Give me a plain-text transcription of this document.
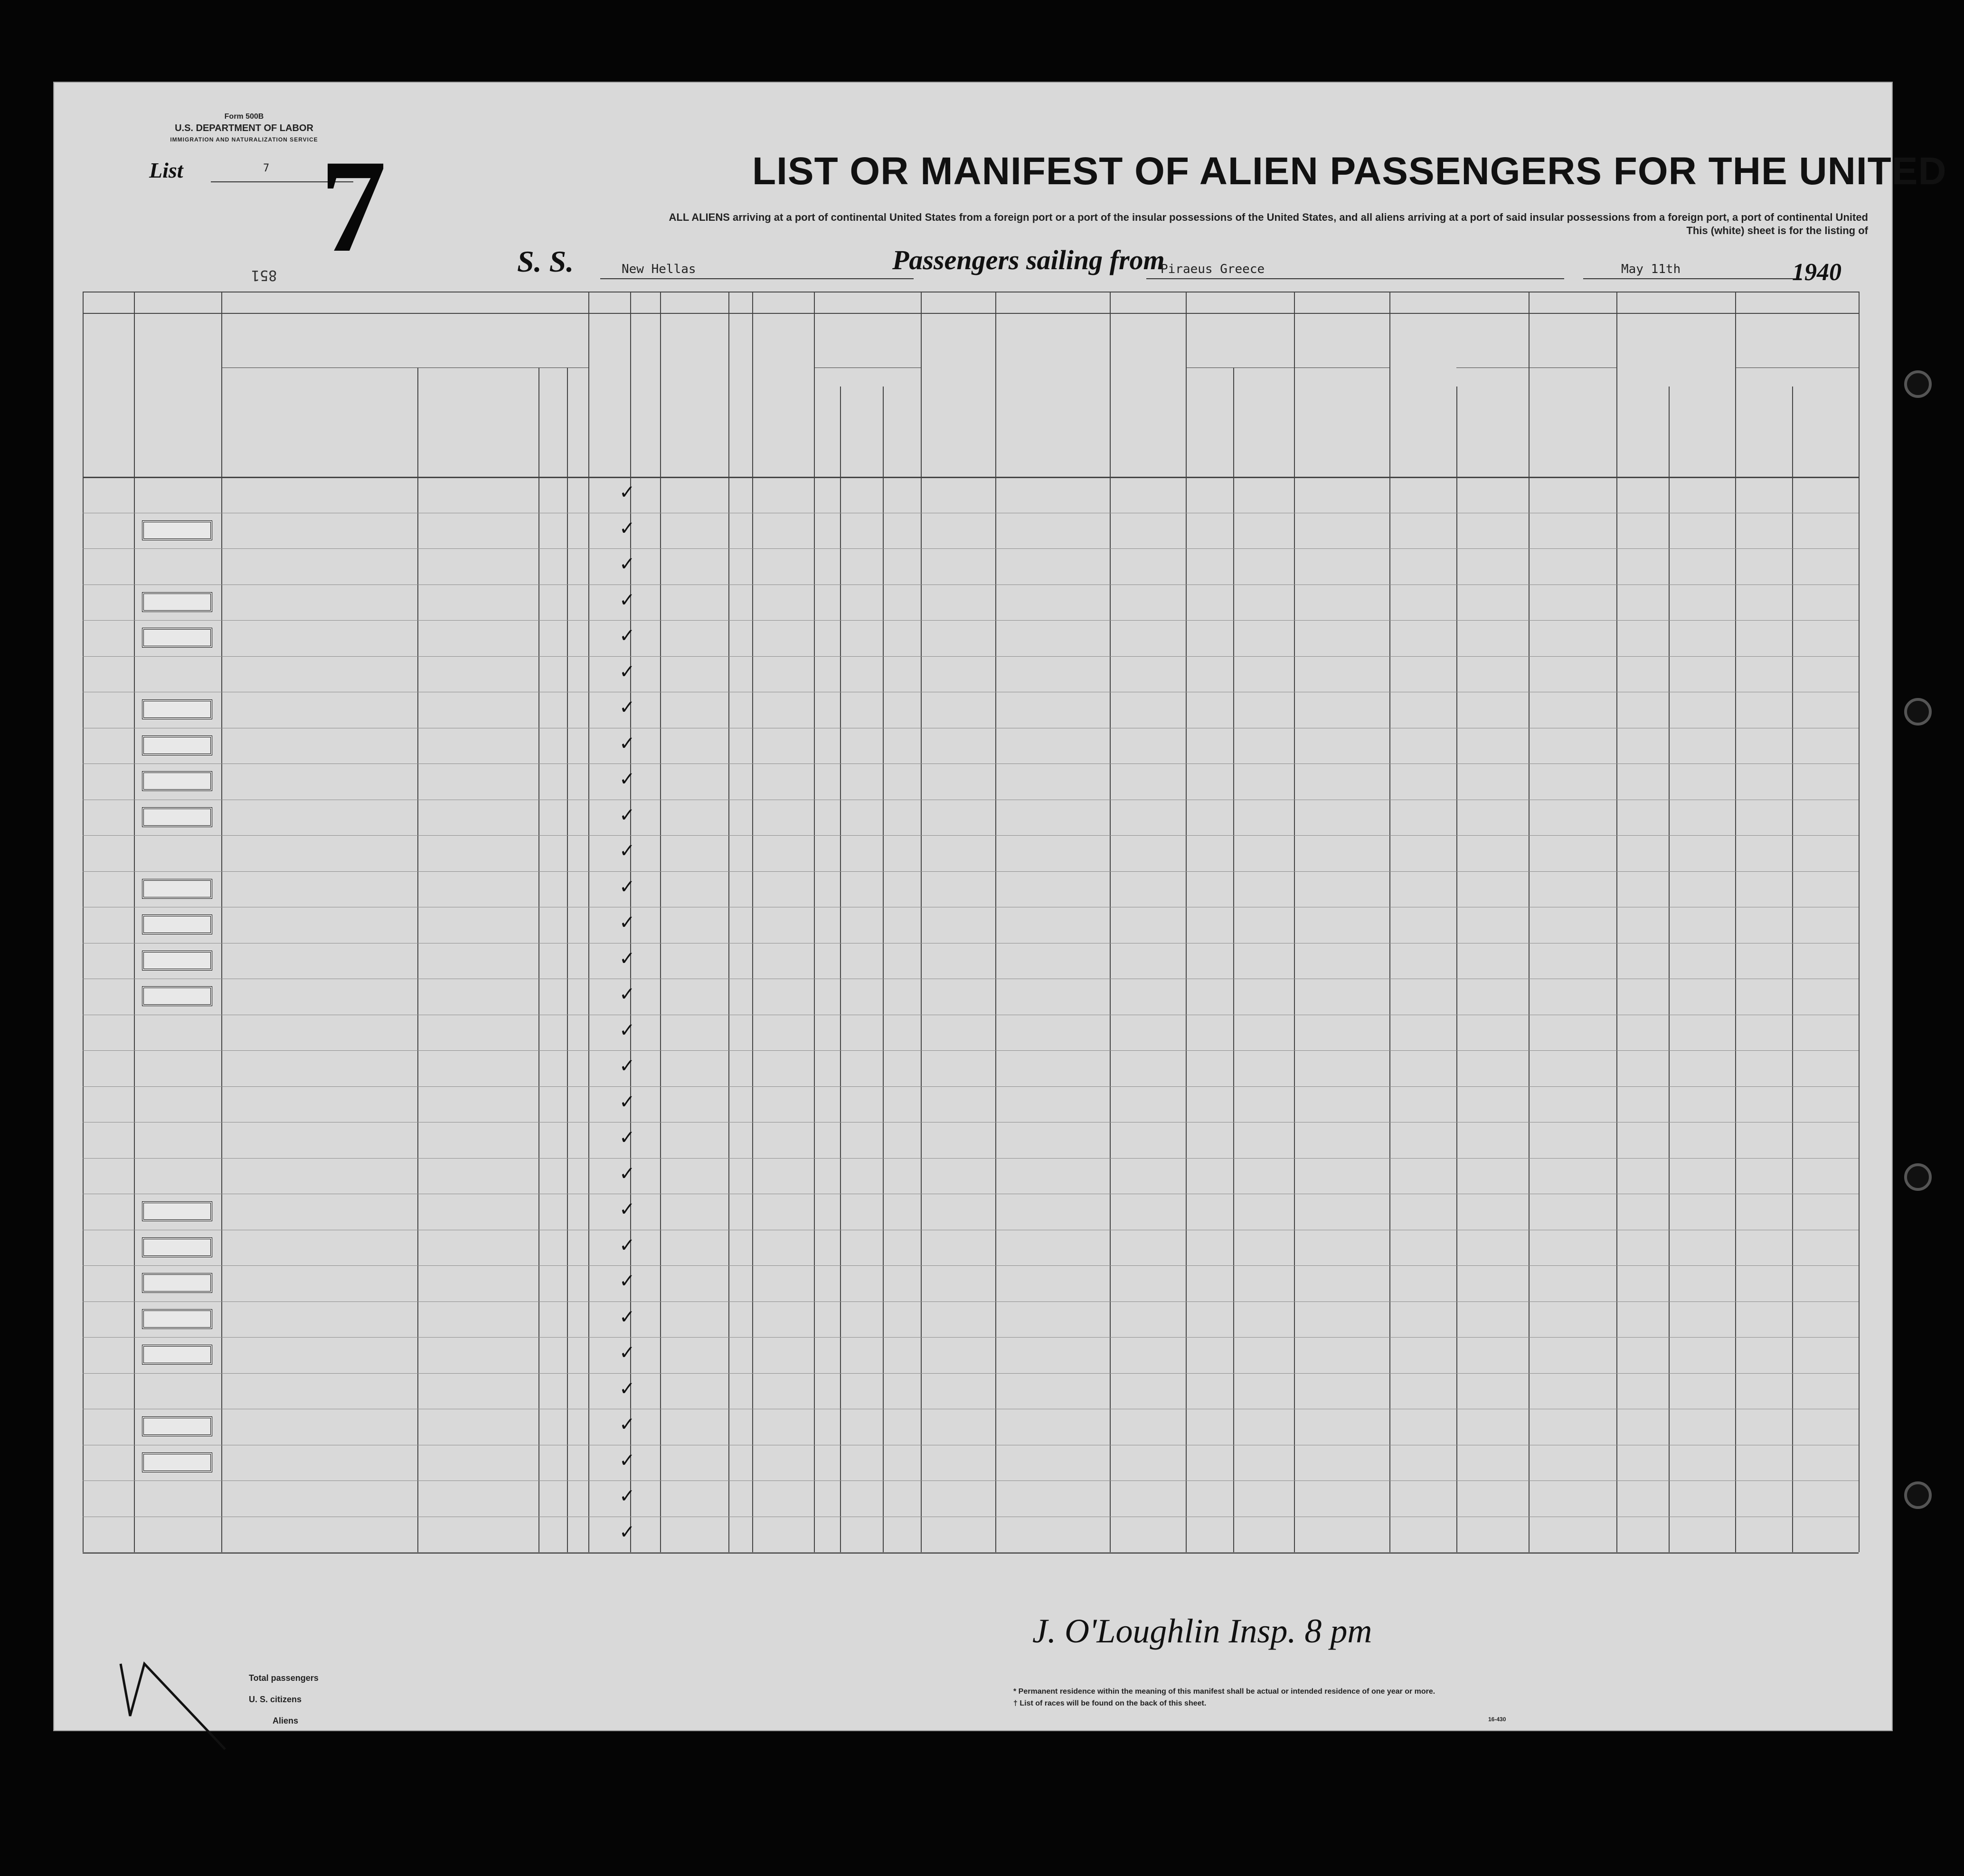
Form 500B
U.S. DEPARTMENT OF LABOR
IMMIGRATION AND NATURALIZATION SERVICE
List	7 7
851
LIST OR MANIFEST OF ALIEN PASSENGERS FOR THE UNITED
ALL ALIENS arriving at a port of continental United States from a foreign port or a port of the insular possessions of the United States, and all aliens arriving at a port of said insular possessions from a foreign port, a port of continental United
This (white) sheet is for the listing of
S. S.	New Hellas	Passengers sailing from
Piraeus Greece	May 11th	1940
✓
✓
✓
✓
✓
✓
✓
✓
✓
✓
✓
✓
✓
✓
✓
✓
✓
✓
✓
✓
✓
✓
✓
✓
✓
✓
✓
✓
✓
✓
Total passengers
U. S. citizens
Aliens
* Permanent residence within the meaning of this manifest shall be actual or intended residence of one year or more.
† List of races will be found on the back of this sheet.
16-430
J. O'Loughlin Insp. 8 pm
